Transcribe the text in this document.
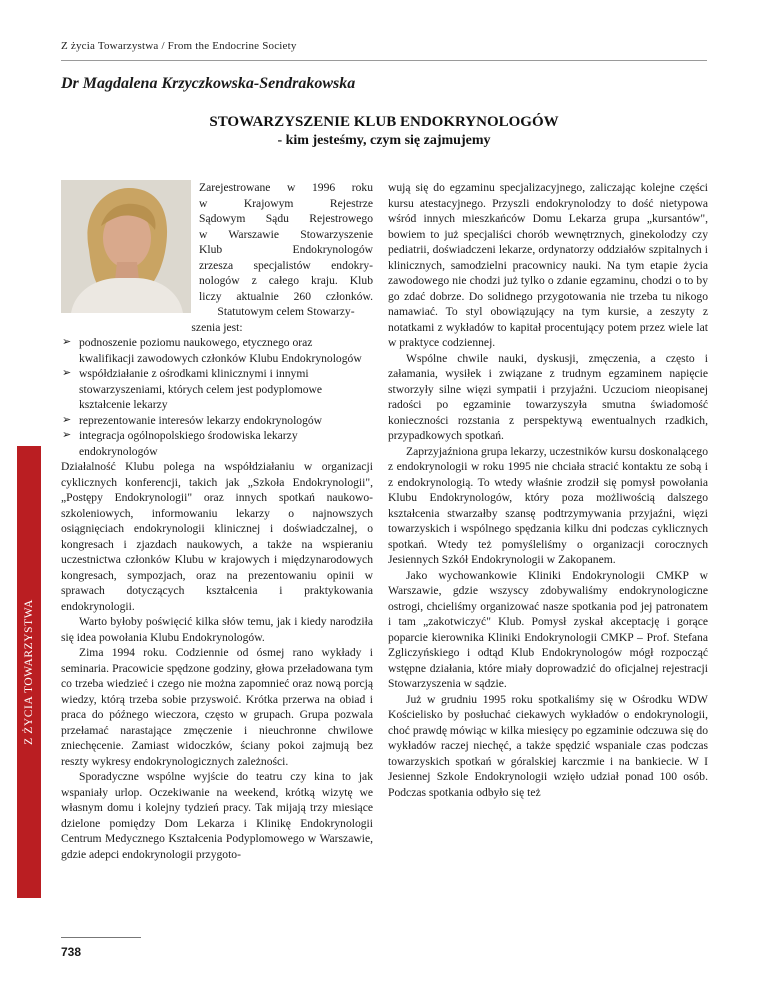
Z życia Towarzystwa / From the Endocrine Society
Dr Magdalena Krzyczkowska-Sendrakowska
STOWARZYSZENIE KLUB ENDOKRYNOLOGÓW
- kim jesteśmy, czym się zajmujemy
Z ŻYCIA TOWARZYSTWA

Zarejestrowane w 1996 roku

w Krajowym Rejestrze

Sądowym Sądu Rejestrowego

w Warszawie Stowarzyszenie

Klub Endokrynologów

zrzesza specjalistów endokry-

nologów z całego kraju. Klub

liczy aktualnie 260 członków.

Statutowym celem Stowarzy-

szenia jest:

➢ podnoszenie poziomu naukowego, etycznego oraz kwalifikacji zawodowych członków Klubu Endokrynologów
➢ współdziałanie z ośrodkami klinicznymi i innymi stowarzyszeniami, których celem jest podyplomowe kształcenie lekarzy
➢ reprezentowanie interesów lekarzy endokrynologów
➢ integracja ogólnopolskiego środowiska lekarzy endokrynologów

Działalność Klubu polega na współdziałaniu w organizacji cyklicznych konferencji, takich jak „Szkoła Endokrynologii", „Postępy Endokrynologii" oraz innych spotkań naukowo-szkoleniowych, informowaniu lekarzy o najnowszych osiągnięciach endokrynologii klinicznej i doświadczalnej, o kongresach i zjazdach naukowych, a także na wspieraniu uczestnictwa członków Klubu w krajowych i międzynarodowych kongresach, sympozjach, oraz na prezentowaniu opinii w sprawach dotyczących kształcenia i praktykowania endokrynologii.

Warto byłoby poświęcić kilka słów temu, jak i kiedy narodziła się idea powołania Klubu Endokrynologów.

Zima 1994 roku. Codziennie od ósmej rano wykłady i seminaria. Pracowicie spędzone godziny, głowa przeładowana tym co trzeba wiedzieć i czego nie można zapomnieć oraz nową porcją wiedzy, którą trzeba sobie przyswoić. Krótka przerwa na obiad i praca do późnego wieczora, często w grupach. Grupa pozwala przełamać narastające zmęczenie i nieuchronne chwilowe zniechęcenie. Zamiast widoczków, ściany pokoi zajmują bez reszty wykresy endokrynologicznych zależności.

Sporadyczne wspólne wyjście do teatru czy kina to jak wspaniały urlop. Oczekiwanie na weekend, krótką wizytę we własnym domu i kolejny tydzień pracy. Tak mijają trzy miesiące dzielone pomiędzy Dom Lekarza i Klinikę Endokrynologii Centrum Medycznego Kształcenia Podyplomowego w Warszawie, gdzie adepci endokrynologii przygoto-

wują się do egzaminu specjalizacyjnego, zaliczając kolejne części kursu atestacyjnego. Przyszli endokrynolodzy to dość nietypowa wśród innych mieszkańców Domu Lekarza grupa „kursantów", bowiem to już specjaliści chorób wewnętrznych, ginekolodzy czy pediatrii, doświadczeni lekarze, ordynatorzy oddziałów szpitalnych i klinicznych, samodzielni pracownicy nauki. Na tym etapie życia zawodowego nie chodzi już tylko o zdanie egzaminu, chodzi o to by go zdać dobrze. Do solidnego przygotowania nie trzeba tu nikogo namawiać. To styl obowiązujący na tym kursie, a zeszyty z notatkami z wykładów to kapitał procentujący potem przez wiele lat w praktyce codziennej.

Wspólne chwile nauki, dyskusji, zmęczenia, a często i załamania, wysiłek i związane z trudnym egzaminem napięcie stworzyły silne więzi sympatii i przyjaźni. Uczuciom nieopisanej radości po egzaminie towarzyszyła smutna świadomość konieczności rozstania z perspektywą ewentualnych rzadkich, przypadkowych spotkań.

Zaprzyjaźniona grupa lekarzy, uczestników kursu doskonalącego z endokrynologii w roku 1995 nie chciała stracić kontaktu ze sobą i z endokrynologią. To wtedy właśnie zrodził się pomysł powołania Klubu Endokrynologów, który poza możliwością dalszego kształcenia stwarzałby szansę podtrzymywania przyjaźni, więzi towarzyskich i wspólnego spędzania kilku dni podczas cyklicznych spotkań. Wtedy też pomyśleliśmy o organizacji corocznych Jesiennych Szkół Endokrynologii w Zakopanem.

Jako wychowankowie Kliniki Endokrynologii CMKP w Warszawie, gdzie wszyscy zdobywaliśmy endokrynologiczne ostrogi, chcieliśmy organizować nasze spotkania pod jej patronatem i tam „zakotwiczyć" Klub. Pomysł zyskał akceptację i gorące poparcie kierownika Kliniki Endokrynologii CMKP – Prof. Stefana Zgliczyńskiego i odtąd Klub Endokrynologów mógł rozpocząć wstępne działania, które miały doprowadzić do oficjalnej rejestracji Stowarzyszenia w sądzie.

Już w grudniu 1995 roku spotkaliśmy się w Ośrodku WDW Kościelisko by posłuchać ciekawych wykładów o endokrynologii, choć prawdę mówiąc w kilka miesięcy po egzaminie odczuwa się do wykładów raczej niechęć, a także spędzić wspaniale czas podczas towarzyskich spotkań w góralskiej karczmie i na bankiecie. W I Jesiennej Szkole Endokrynologii wzięło udział ponad 100 osób. Podczas spotkania odbyło się też

738
